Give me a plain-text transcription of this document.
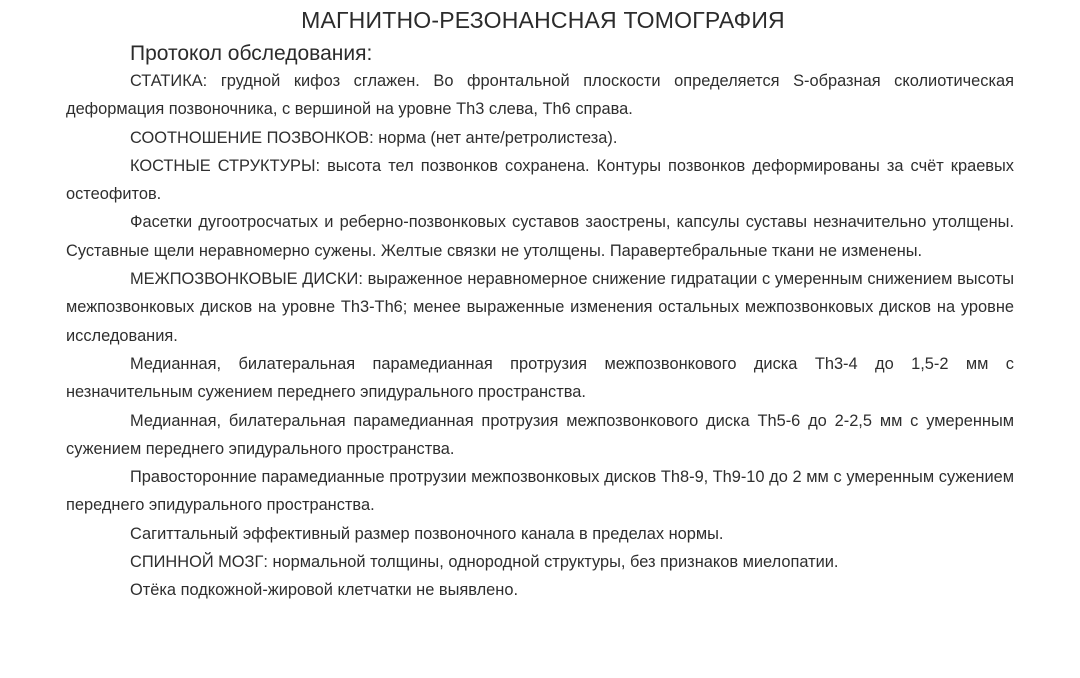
МАГНИТНО-РЕЗОНАНСНАЯ ТОМОГРАФИЯ
Протокол обследования:

СТАТИКА: грудной кифоз сглажен. Во фронтальной плоскости определяется S-образная сколиотическая деформация позвоночника, с вершиной на уровне Th3 слева, Th6 справа.

СООТНОШЕНИЕ ПОЗВОНКОВ: норма (нет анте/ретролистеза).

КОСТНЫЕ СТРУКТУРЫ: высота тел позвонков сохранена. Контуры позвонков деформированы за счёт краевых остеофитов.

Фасетки дугоотросчатых и реберно-позвонковых суставов заострены, капсулы суставы незначительно утолщены. Суставные щели неравномерно сужены. Желтые связки не утолщены. Паравертебральные ткани не изменены.

МЕЖПОЗВОНКОВЫЕ ДИСКИ: выраженное неравномерное снижение гидратации с умеренным снижением высоты межпозвонковых дисков на уровне Th3-Th6; менее выраженные изменения остальных межпозвонковых дисков на уровне исследования.

Медианная, билатеральная парамедианная протрузия межпозвонкового диска Th3-4 до 1,5-2 мм с незначительным сужением переднего эпидурального пространства.

Медианная, билатеральная парамедианная протрузия межпозвонкового диска Th5-6 до 2-2,5 мм с умеренным сужением переднего эпидурального пространства.

Правосторонние парамедианные протрузии межпозвонковых дисков Th8-9, Th9-10 до 2 мм с умеренным сужением переднего эпидурального пространства.

Сагиттальный эффективный размер позвоночного канала в пределах нормы.

СПИННОЙ МОЗГ: нормальной толщины, однородной структуры, без признаков миелопатии.

Отёка подкожной-жировой клетчатки не выявлено.
